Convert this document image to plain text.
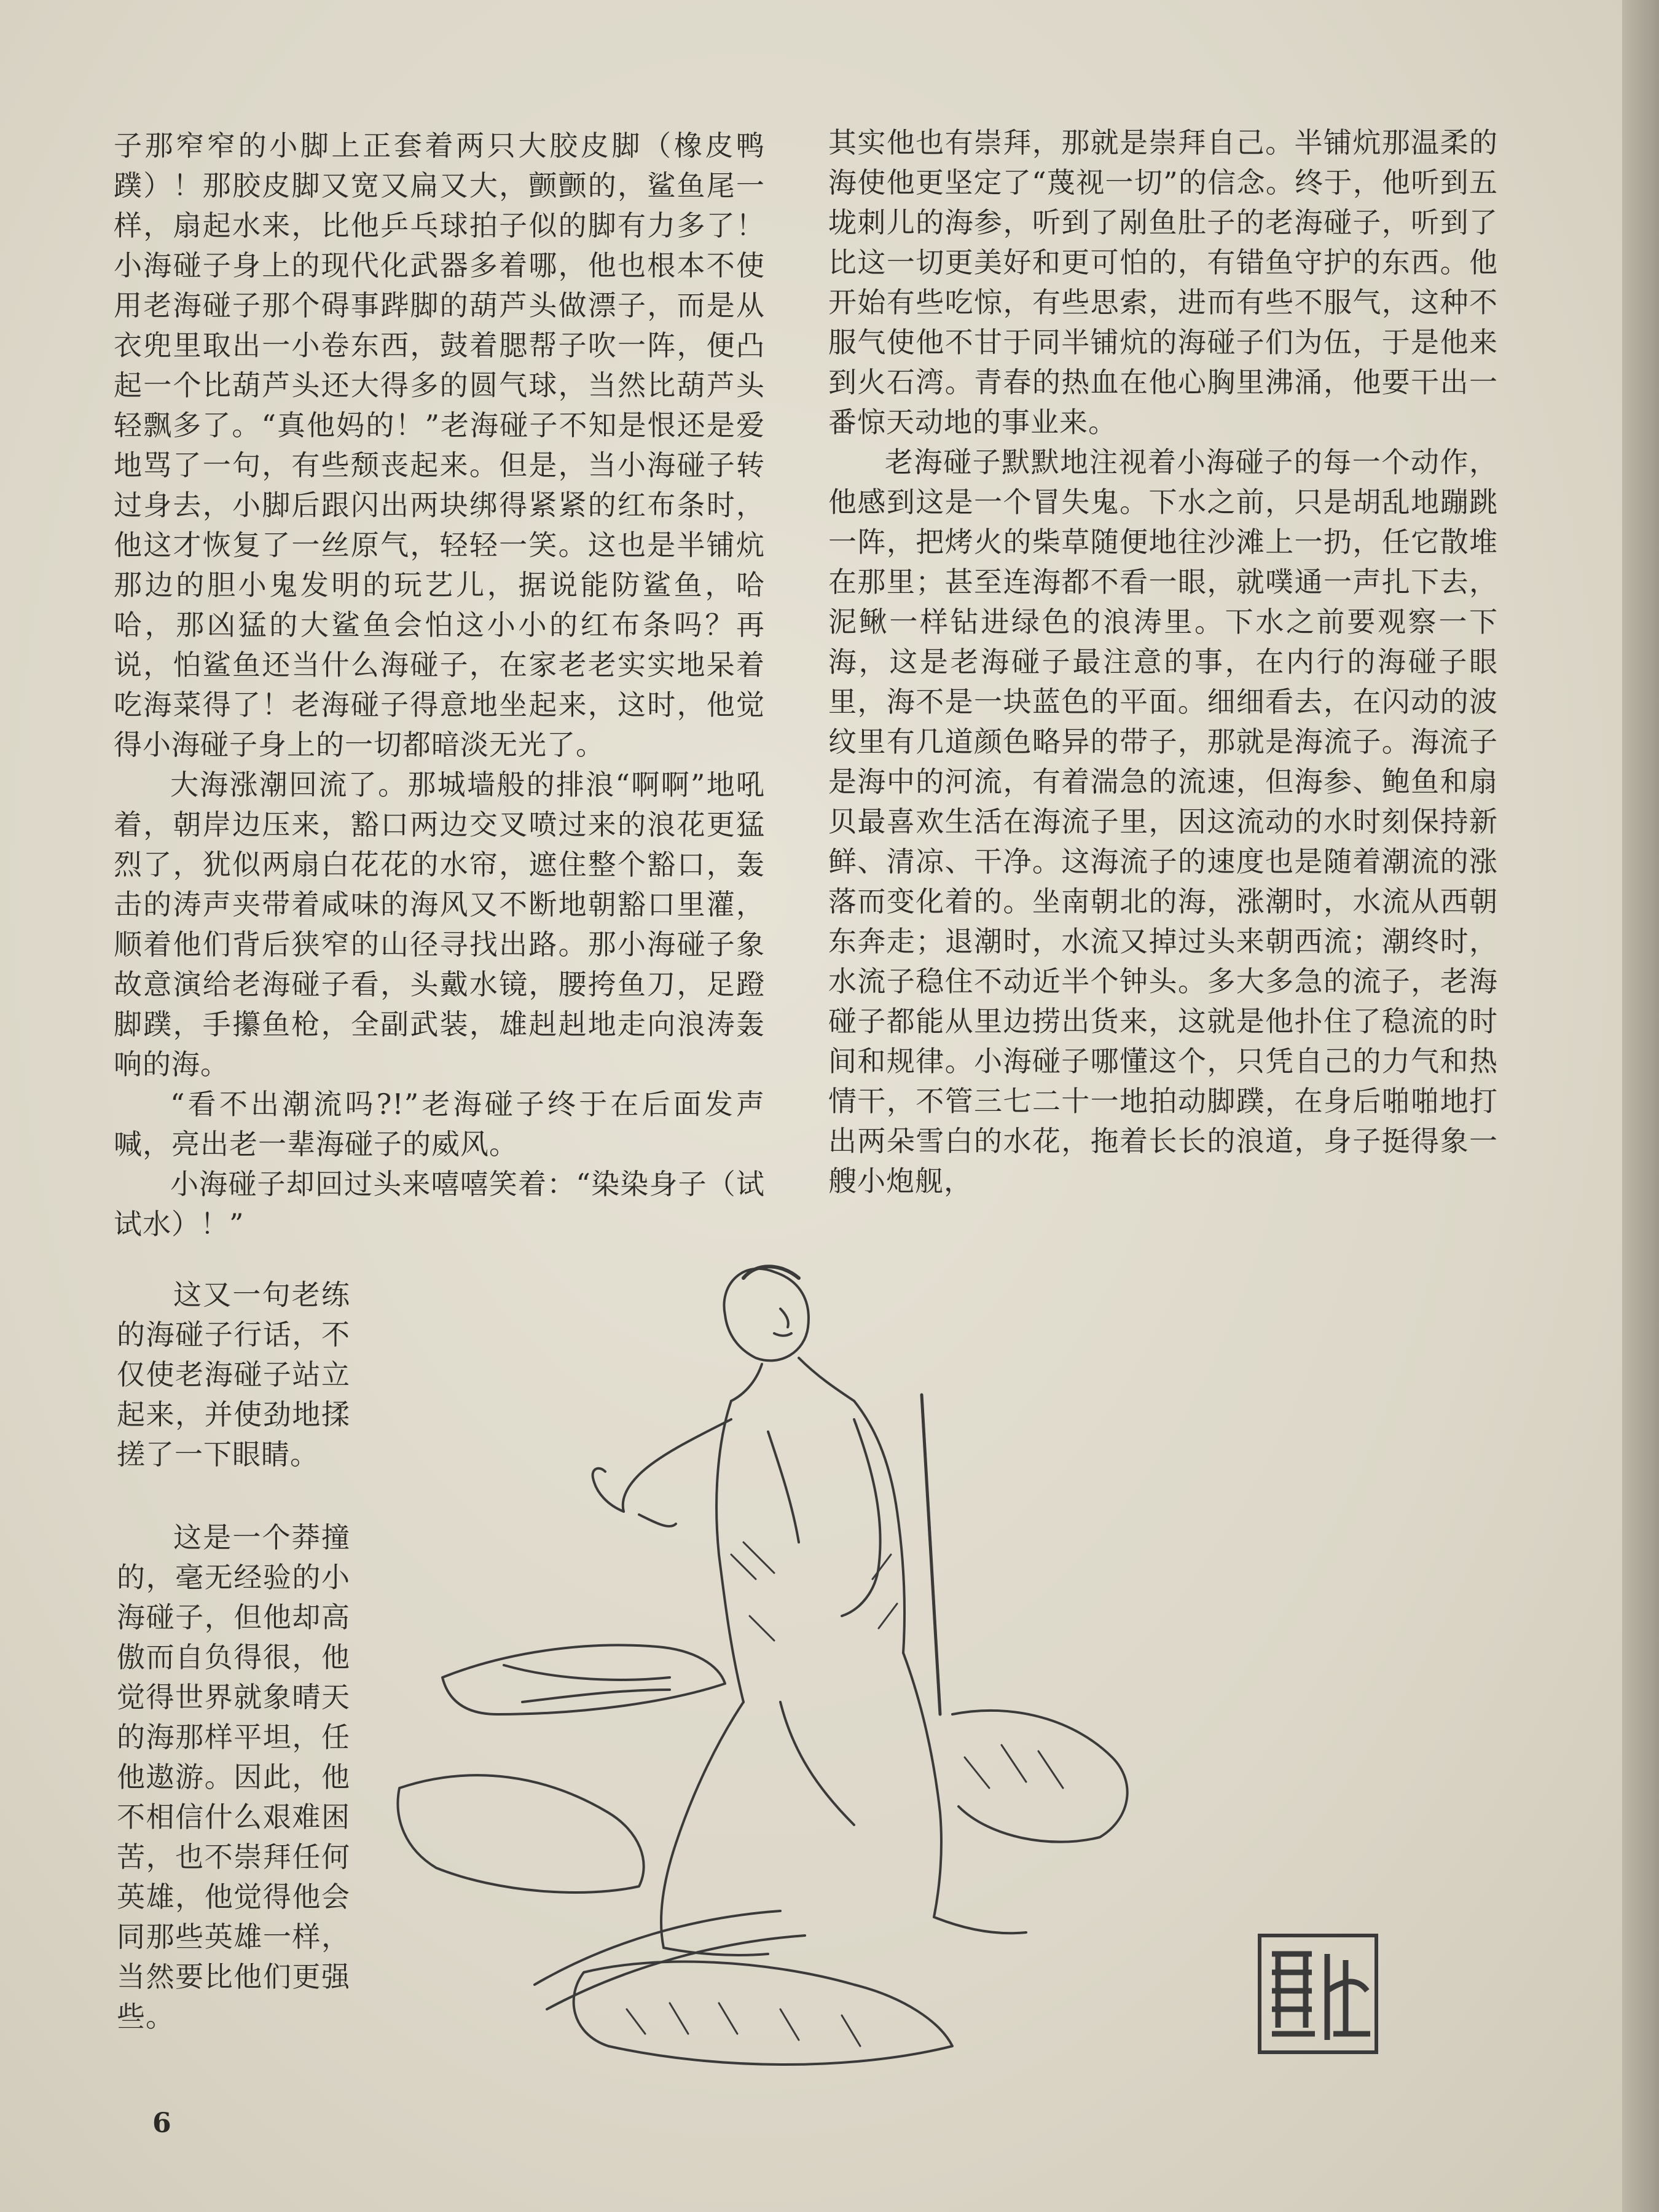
子那窄窄的小脚上正套着两只大胶皮脚（橡皮鸭蹼）！那胶皮脚又宽又扁又大，颤颤的，鲨鱼尾一样，扇起水来，比他乒乓球拍子似的脚有力多了！小海碰子身上的现代化武器多着哪，他也根本不使用老海碰子那个碍事跸脚的葫芦头做漂子，而是从衣兜里取出一小卷东西，鼓着腮帮子吹一阵，便凸起一个比葫芦头还大得多的圆气球，当然比葫芦头轻飘多了。“真他妈的！”老海碰子不知是恨还是爱地骂了一句，有些颓丧起来。但是，当小海碰子转过身去，小脚后跟闪出两块绑得紧紧的红布条时，他这才恢复了一丝原气，轻轻一笑。这也是半铺炕那边的胆小鬼发明的玩艺儿，据说能防鲨鱼，哈哈，那凶猛的大鲨鱼会怕这小小的红布条吗？再说，怕鲨鱼还当什么海碰子，在家老老实实地呆着吃海菜得了！老海碰子得意地坐起来，这时，他觉得小海碰子身上的一切都暗淡无光了。

大海涨潮回流了。那城墙般的排浪“啊啊”地吼着，朝岸边压来，豁口两边交叉喷过来的浪花更猛烈了，犹似两扇白花花的水帘，遮住整个豁口，轰击的涛声夹带着咸味的海风又不断地朝豁口里灌，顺着他们背后狭窄的山径寻找出路。那小海碰子象故意演给老海碰子看，头戴水镜，腰挎鱼刀，足蹬脚蹼，手攥鱼枪，全副武装，雄赳赳地走向浪涛轰响的海。

“看不出潮流吗?!”老海碰子终于在后面发声喊，亮出老一辈海碰子的威风。

小海碰子却回过头来嘻嘻笑着：“染染身子（试试水）！”

这又一句老练的海碰子行话，不仅使老海碰子站立起来，并使劲地揉搓了一下眼睛。

这是一个莽撞的，毫无经验的小海碰子，但他却高傲而自负得很，他觉得世界就象晴天的海那样平坦，任他遨游。因此，他不相信什么艰难困苦，也不崇拜任何英雄，他觉得他会同那些英雄一样，当然要比他们更强些。

其实他也有崇拜，那就是崇拜自己。半铺炕那温柔的海使他更坚定了“蔑视一切”的信念。终于，他听到五垅刺儿的海参，听到了剐鱼肚子的老海碰子，听到了比这一切更美好和更可怕的，有错鱼守护的东西。他开始有些吃惊，有些思索，进而有些不服气，这种不服气使他不甘于同半铺炕的海碰子们为伍，于是他来到火石湾。青春的热血在他心胸里沸涌，他要干出一番惊天动地的事业来。

老海碰子默默地注视着小海碰子的每一个动作，他感到这是一个冒失鬼。下水之前，只是胡乱地蹦跳一阵，把烤火的柴草随便地往沙滩上一扔，任它散堆在那里；甚至连海都不看一眼，就噗通一声扎下去，泥鳅一样钻进绿色的浪涛里。下水之前要观察一下海，这是老海碰子最注意的事，在内行的海碰子眼里，海不是一块蓝色的平面。细细看去，在闪动的波纹里有几道颜色略异的带子，那就是海流子。海流子是海中的河流，有着湍急的流速，但海参、鲍鱼和扇贝最喜欢生活在海流子里，因这流动的水时刻保持新鲜、清凉、干净。这海流子的速度也是随着潮流的涨落而变化着的。坐南朝北的海，涨潮时，水流从西朝东奔走；退潮时，水流又掉过头来朝西流；潮终时，水流子稳住不动近半个钟头。多大多急的流子，老海碰子都能从里边捞出货来，这就是他扑住了稳流的时间和规律。小海碰子哪懂这个，只凭自己的力气和热情干，不管三七二十一地拍动脚蹼，在身后啪啪地打出两朵雪白的水花，拖着长长的浪道，身子挺得象一艘小炮舰，

6
